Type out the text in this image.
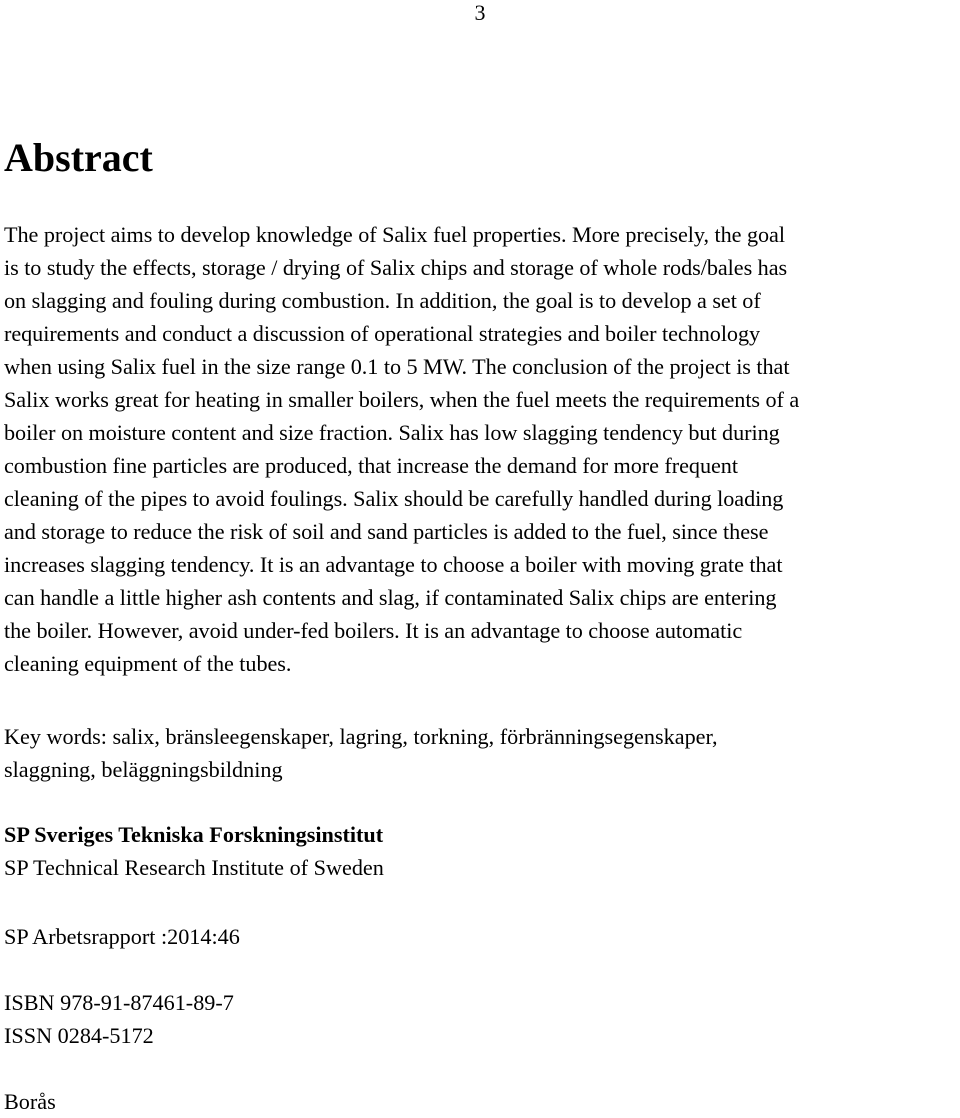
3
Abstract

The project aims to develop knowledge of Salix fuel properties. More precisely, the goal
is to study the effects, storage / drying of Salix chips and storage of whole rods/bales has
on slagging and fouling during combustion. In addition, the goal is to develop a set of
requirements and conduct a discussion of operational strategies and boiler technology
when using Salix fuel in the size range 0.1 to 5 MW. The conclusion of the project is that
Salix works great for heating in smaller boilers, when the fuel meets the requirements of a
boiler on moisture content and size fraction. Salix has low slagging tendency but during
combustion fine particles are produced, that increase the demand for more frequent
cleaning of the pipes to avoid foulings. Salix should be carefully handled during loading
and storage to reduce the risk of soil and sand particles is added to the fuel, since these
increases slagging tendency. It is an advantage to choose a boiler with moving grate that
can handle a little higher ash contents and slag, if contaminated Salix chips are entering
the boiler. However, avoid under-fed boilers. It is an advantage to choose automatic
cleaning equipment of the tubes.

Key words: salix, bränsleegenskaper, lagring, torkning, förbränningsegenskaper,
slaggning, beläggningsbildning

SP Sveriges Tekniska Forskningsinstitut
SP Technical Research Institute of Sweden
SP Arbetsrapport :2014:46
ISBN 978-91-87461-89-7
ISSN 0284-5172
Borås
